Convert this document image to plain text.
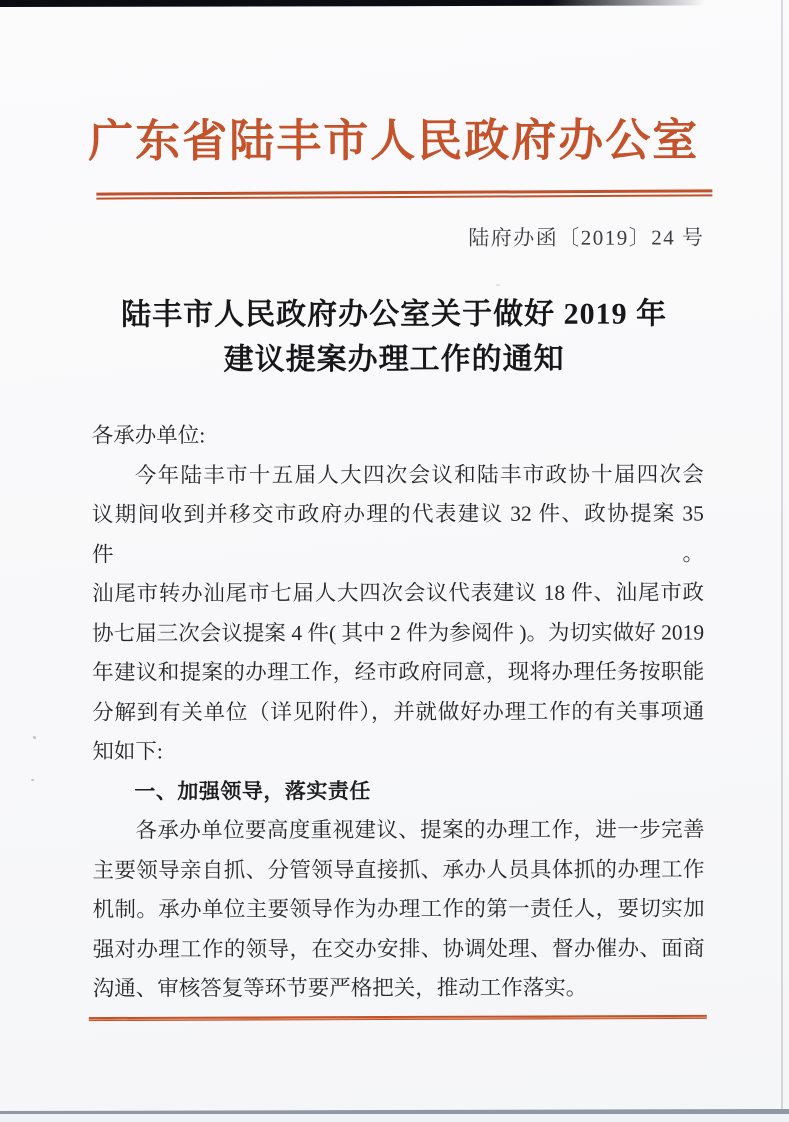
广东省陆丰市人民政府办公室
陆府办函〔2019〕24 号
陆丰市人民政府办公室关于做好 2019 年
建议提案办理工作的通知
各承办单位:
今年陆丰市十五届人大四次会议和陆丰市政协十届四次会
议期间收到并移交市政府办理的代表建议 32 件、政协提案 35 件。
汕尾市转办汕尾市七届人大四次会议代表建议 18 件、汕尾市政
协七届三次会议提案 4 件( 其中 2 件为参阅件 )。为切实做好 2019
年建议和提案的办理工作，经市政府同意，现将办理任务按职能
分解到有关单位（详见附件），并就做好办理工作的有关事项通
知如下:
一、加强领导，落实责任
各承办单位要高度重视建议、提案的办理工作，进一步完善
主要领导亲自抓、分管领导直接抓、承办人员具体抓的办理工作
机制。承办单位主要领导作为办理工作的第一责任人，要切实加
强对办理工作的领导，在交办安排、协调处理、督办催办、面商
沟通、审核答复等环节要严格把关，推动工作落实。
